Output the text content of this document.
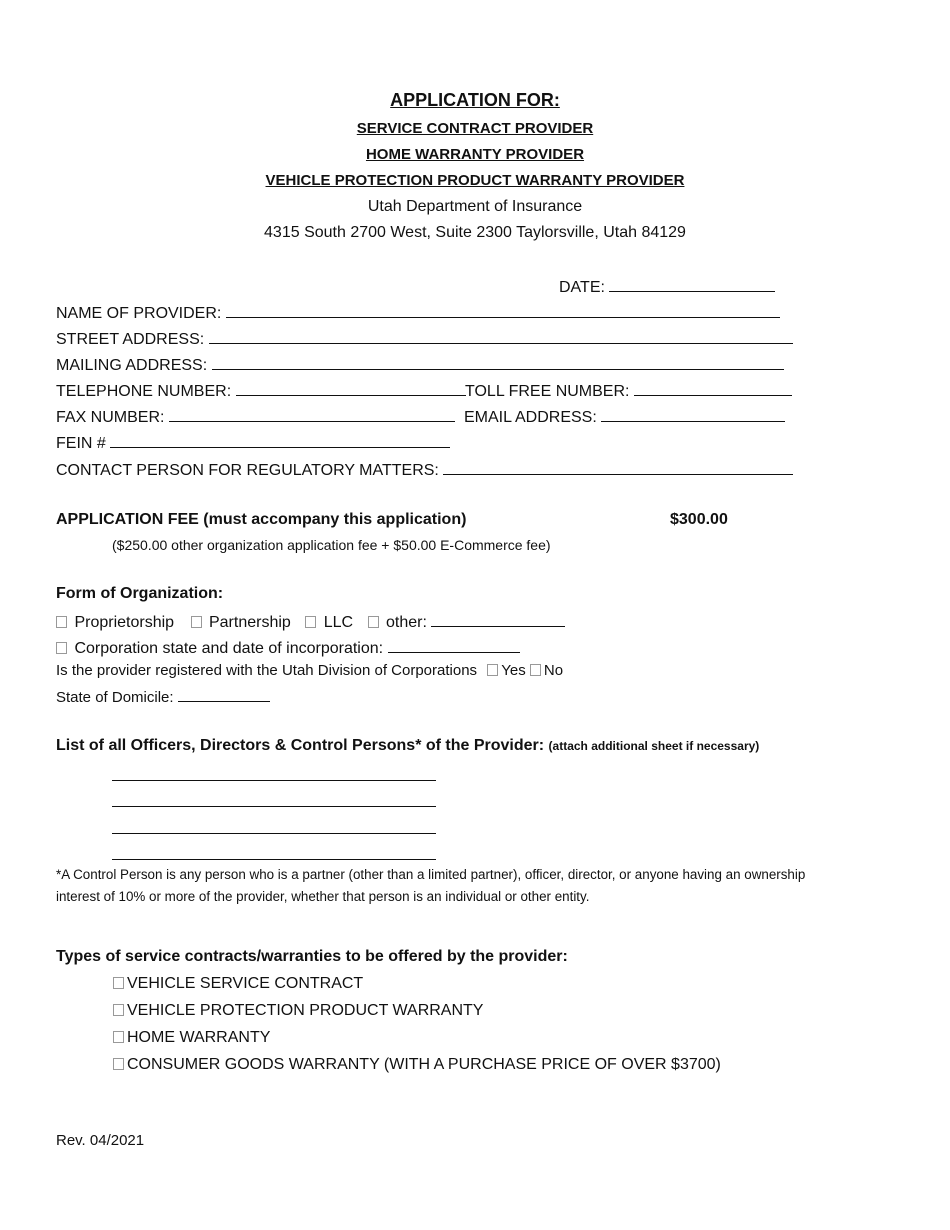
APPLICATION FOR:
SERVICE CONTRACT PROVIDER
HOME WARRANTY PROVIDER
VEHICLE PROTECTION PRODUCT WARRANTY PROVIDER
Utah Department of Insurance
4315 South 2700 West, Suite 2300 Taylorsville, Utah 84129
DATE:
NAME OF PROVIDER:
STREET ADDRESS:
MAILING ADDRESS:
TELEPHONE NUMBER:	TOLL FREE NUMBER:
FAX NUMBER:	EMAIL ADDRESS:
FEIN #
CONTACT PERSON FOR REGULATORY MATTERS:
APPLICATION FEE (must accompany this application)	$300.00
($250.00 other organization application fee + $50.00 E-Commerce fee)
Form of Organization:
Proprietorship Partnership LLC other:
Corporation state and date of incorporation:
Is the provider registered with the Utah Division of Corporations Yes No
State of Domicile:
List of all Officers, Directors & Control Persons* of the Provider: (attach additional sheet if necessary)
*A Control Person is any person who is a partner (other than a limited partner), officer, director, or anyone having an ownership
interest of 10% or more of the provider, whether that person is an individual or other entity.
Types of service contracts/warranties to be offered by the provider:
VEHICLE SERVICE CONTRACT
VEHICLE PROTECTION PRODUCT WARRANTY
HOME WARRANTY
CONSUMER GOODS WARRANTY (WITH A PURCHASE PRICE OF OVER $3700)
Rev. 04/2021
